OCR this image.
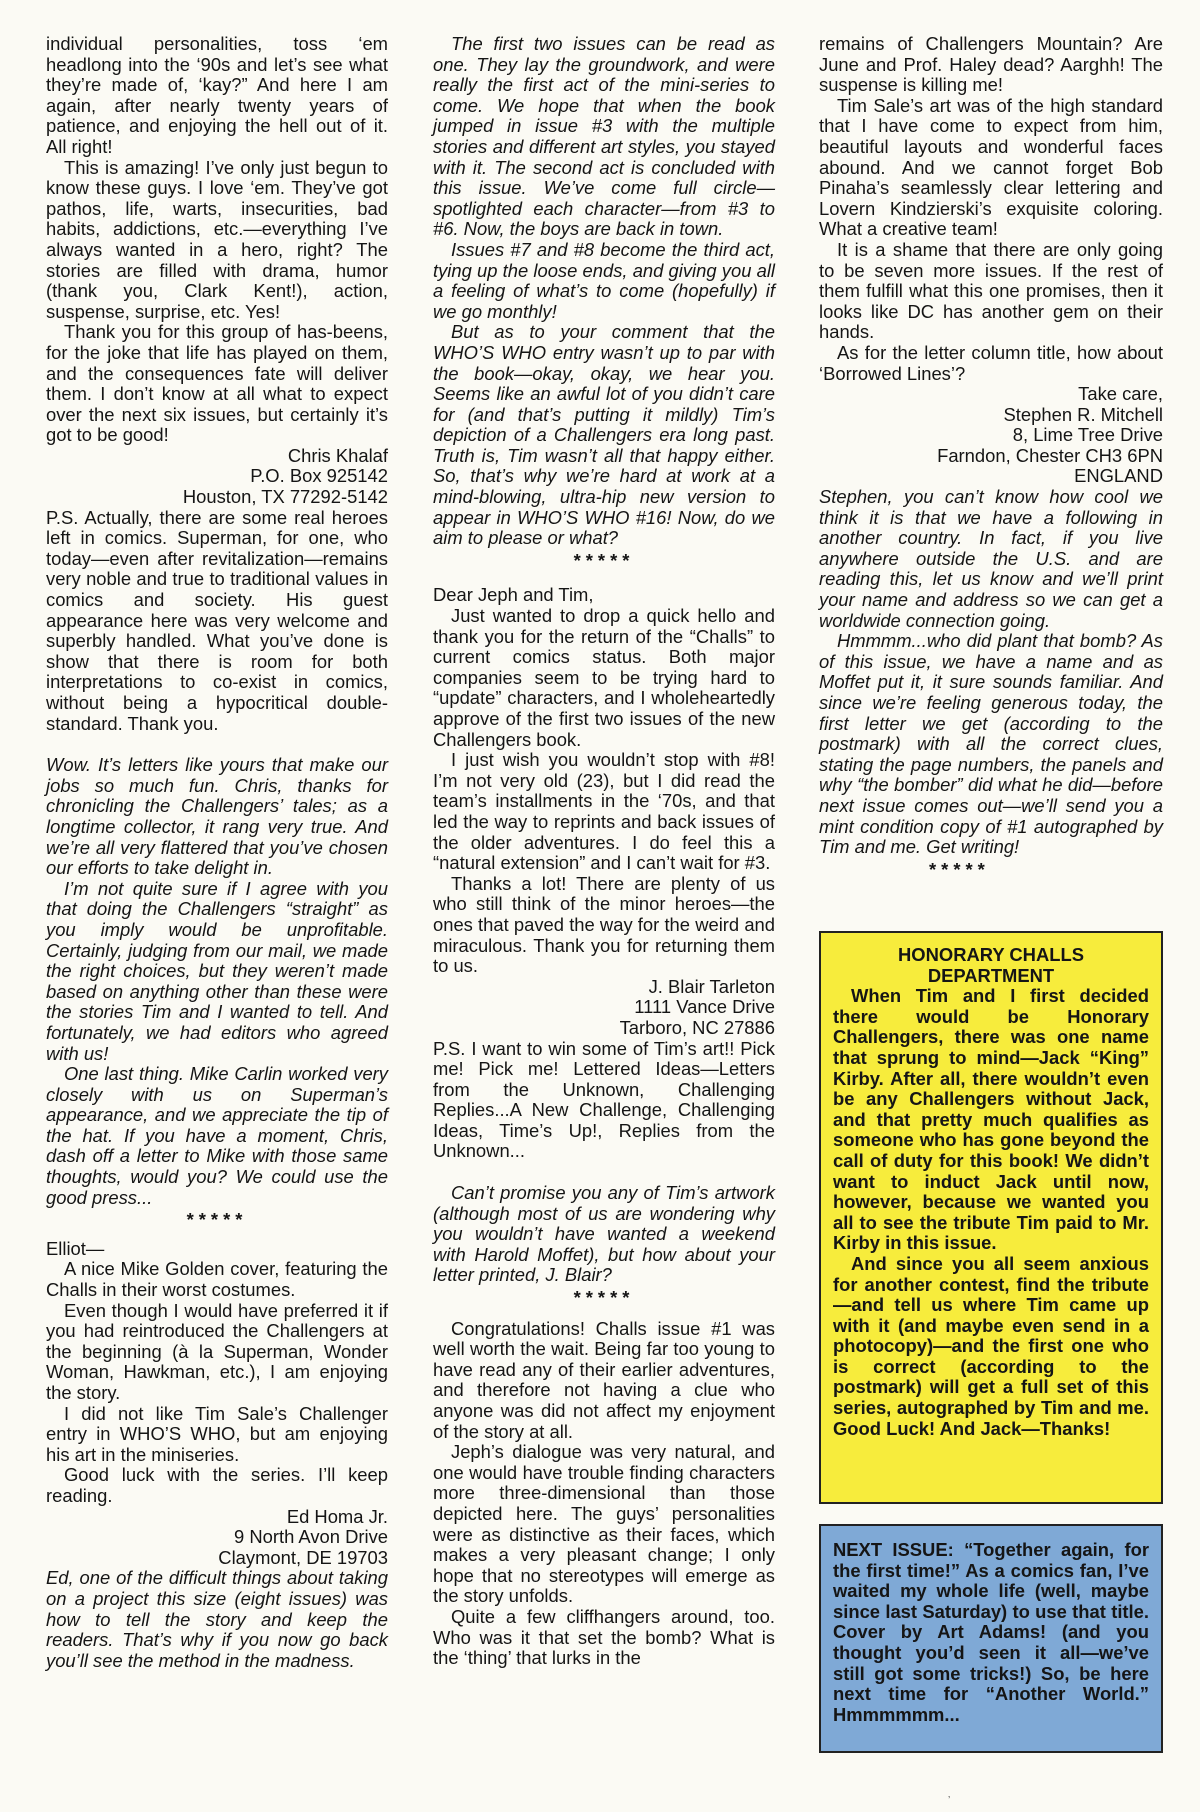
individual personalities, toss ‘em headlong into the ‘90s and let’s see what they’re made of, ‘kay?” And here I am again, after nearly twenty years of patience, and enjoying the hell out of it. All right!

This is amazing! I’ve only just begun to know these guys. I love ‘em. They’ve got pathos, life, warts, insecurities, bad habits, addictions, etc.—everything I’ve always wanted in a hero, right? The stories are filled with drama, humor (thank you, Clark Kent!), action, suspense, surprise, etc. Yes!

Thank you for this group of has-beens, for the joke that life has played on them, and the consequences fate will deliver them. I don’t know at all what to expect over the next six issues, but certainly it’s got to be good!

Chris Khalaf

P.O. Box 925142

Houston, TX 77292-5142

P.S. Actually, there are some real heroes left in comics. Superman, for one, who today—even after revitalization—remains very noble and true to traditional values in comics and society. His guest appearance here was very welcome and superbly handled. What you’ve done is show that there is room for both interpretations to co-exist in comics, without being a hypocritical double-standard. Thank you.

Wow. It’s letters like yours that make our jobs so much fun. Chris, thanks for chronicling the Challengers’ tales; as a longtime collector, it rang very true. And we’re all very flattered that you’ve chosen our efforts to take delight in.

I’m not quite sure if I agree with you that doing the Challengers “straight” as you imply would be unprofitable. Certainly, judging from our mail, we made the right choices, but they weren’t made based on anything other than these were the stories Tim and I wanted to tell. And fortunately, we had editors who agreed with us!

One last thing. Mike Carlin worked very closely with us on Superman’s appearance, and we appreciate the tip of the hat. If you have a moment, Chris, dash off a letter to Mike with those same thoughts, would you? We could use the good press...

*****

Elliot—

A nice Mike Golden cover, featuring the Challs in their worst costumes.

Even though I would have preferred it if you had reintroduced the Challengers at the beginning (à la Superman, Wonder Woman, Hawkman, etc.), I am enjoying the story.

I did not like Tim Sale’s Challenger entry in WHO’S WHO, but am enjoying his art in the miniseries.

Good luck with the series. I’ll keep reading.

Ed Homa Jr.

9 North Avon Drive

Claymont, DE 19703

Ed, one of the difficult things about taking on a project this size (eight issues) was how to tell the story and keep the readers. That’s why if you now go back you’ll see the method in the madness.

The first two issues can be read as one. They lay the groundwork, and were really the first act of the mini-series to come. We hope that when the book jumped in issue #3 with the multiple stories and different art styles, you stayed with it. The second act is concluded with this issue. We’ve come full circle—spotlighted each character—from #3 to #6. Now, the boys are back in town.

Issues #7 and #8 become the third act, tying up the loose ends, and giving you all a feeling of what’s to come (hopefully) if we go monthly!

But as to your comment that the WHO’S WHO entry wasn’t up to par with the book—okay, okay, we hear you. Seems like an awful lot of you didn’t care for (and that’s putting it mildly) Tim’s depiction of a Challengers era long past. Truth is, Tim wasn’t all that happy either. So, that’s why we’re hard at work at a mind-blowing, ultra-hip new version to appear in WHO’S WHO #16! Now, do we aim to please or what?

*****

Dear Jeph and Tim,

Just wanted to drop a quick hello and thank you for the return of the “Challs” to current comics status. Both major companies seem to be trying hard to “update” characters, and I wholeheartedly approve of the first two issues of the new Challengers book.

I just wish you wouldn’t stop with #8! I’m not very old (23), but I did read the team’s installments in the ‘70s, and that led the way to reprints and back issues of the older adventures. I do feel this a “natural extension” and I can’t wait for #3.

Thanks a lot! There are plenty of us who still think of the minor heroes—the ones that paved the way for the weird and miraculous. Thank you for returning them to us.

J. Blair Tarleton

1111 Vance Drive

Tarboro, NC 27886

P.S. I want to win some of Tim’s art!! Pick me! Pick me! Lettered Ideas—Letters from the Unknown, Challenging Replies...A New Challenge, Challenging Ideas, Time’s Up!, Replies from the Unknown...

Can’t promise you any of Tim’s artwork (although most of us are wondering why you wouldn’t have wanted a weekend with Harold Moffet), but how about your letter printed, J. Blair?

*****

Congratulations! Challs issue #1 was well worth the wait. Being far too young to have read any of their earlier adventures, and therefore not having a clue who anyone was did not affect my enjoyment of the story at all.

Jeph’s dialogue was very natural, and one would have trouble finding characters more three-dimensional than those depicted here. The guys’ personalities were as distinctive as their faces, which makes a very pleasant change; I only hope that no stereotypes will emerge as the story unfolds.

Quite a few cliffhangers around, too. Who was it that set the bomb? What is the ‘thing’ that lurks in the

remains of Challengers Mountain? Are June and Prof. Haley dead? Aarghh! The suspense is killing me!

Tim Sale’s art was of the high standard that I have come to expect from him, beautiful layouts and wonderful faces abound. And we cannot forget Bob Pinaha’s seamlessly clear lettering and Lovern Kindzierski’s exquisite coloring. What a creative team!

It is a shame that there are only going to be seven more issues. If the rest of them fulfill what this one promises, then it looks like DC has another gem on their hands.

As for the letter column title, how about ‘Borrowed Lines’?

Take care,

Stephen R. Mitchell

8, Lime Tree Drive

Farndon, Chester CH3 6PN

ENGLAND

Stephen, you can’t know how cool we think it is that we have a following in another country. In fact, if you live anywhere outside the U.S. and are reading this, let us know and we’ll print your name and address so we can get a worldwide connection going.

Hmmmm...who did plant that bomb? As of this issue, we have a name and as Moffet put it, it sure sounds familiar. And since we’re feeling generous today, the first letter we get (according to the postmark) with all the correct clues, stating the page numbers, the panels and why “the bomber” did what he did—before next issue comes out—we’ll send you a mint condition copy of #1 autographed by Tim and me. Get writing!

*****

HONORARY CHALLS

DEPARTMENT

When Tim and I first decided there would be Honorary Challengers, there was one name that sprung to mind—Jack “King” Kirby. After all, there wouldn’t even be any Challengers without Jack, and that pretty much qualifies as someone who has gone beyond the call of duty for this book! We didn’t want to induct Jack until now, however, because we wanted you all to see the tribute Tim paid to Mr. Kirby in this issue.

And since you all seem anxious for another contest, find the tribute—and tell us where Tim came up with it (and maybe even send in a photocopy)—and the first one who is correct (according to the postmark) will get a full set of this series, autographed by Tim and me. Good Luck! And Jack—Thanks!

NEXT ISSUE: “Together again, for the first time!” As a comics fan, I’ve waited my whole life (well, maybe since last Saturday) to use that title. Cover by Art Adams! (and you thought you’d seen it all—we’ve still got some tricks!) So, be here next time for “Another World.” Hmmmmmm...

’
